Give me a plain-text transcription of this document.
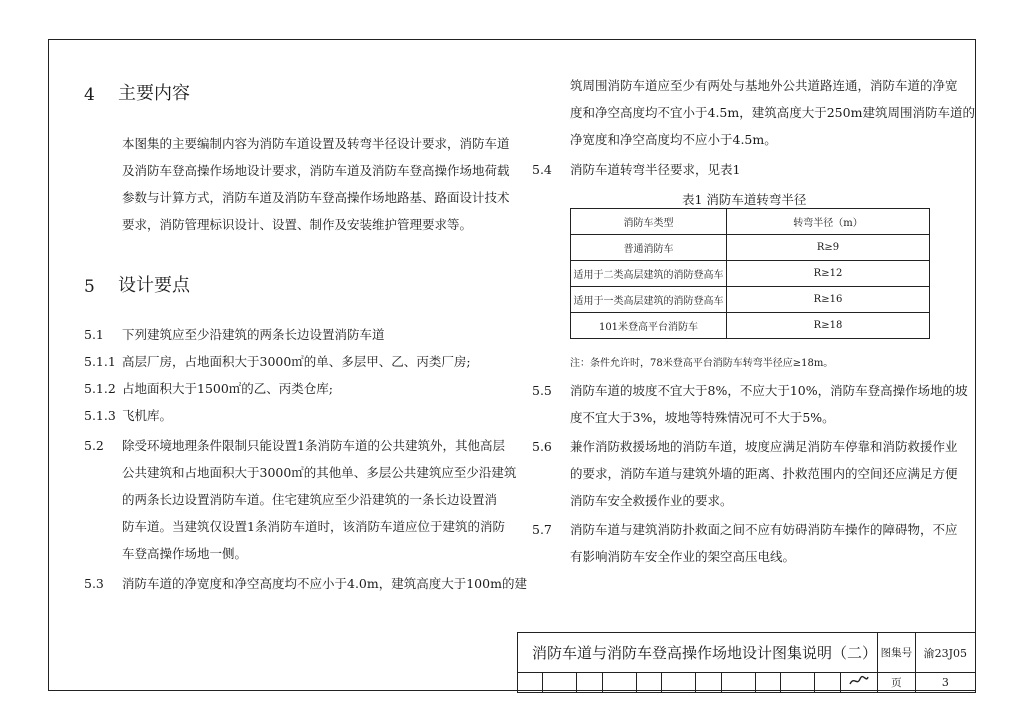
4 主要内容
本图集的主要编制内容为消防车道设置及转弯半径设计要求，消防车道
及消防车登高操作场地设计要求，消防车道及消防车登高操作场地荷载
参数与计算方式，消防车道及消防车登高操作场地路基、路面设计技术
要求，消防管理标识设计、设置、制作及安装维护管理要求等。
5 设计要点
5.1 下列建筑应至少沿建筑的两条长边设置消防车道
5.1.1 高层厂房，占地面积大于3000㎡的单、多层甲、乙、丙类厂房;
5.1.2 占地面积大于1500㎡的乙、丙类仓库;
5.1.3 飞机库。
5.2 除受环境地理条件限制只能设置1条消防车道的公共建筑外，其他高层
公共建筑和占地面积大于3000㎡的其他单、多层公共建筑应至少沿建筑
的两条长边设置消防车道。住宅建筑应至少沿建筑的一条长边设置消
防车道。当建筑仅设置1条消防车道时，该消防车道应位于建筑的消防
车登高操作场地一侧。
5.3 消防车道的净宽度和净空高度均不应小于4.0m，建筑高度大于100m的建
筑周围消防车道应至少有两处与基地外公共道路连通，消防车道的净宽
度和净空高度均不宜小于4.5m，建筑高度大于250m建筑周围消防车道的
净宽度和净空高度均不应小于4.5m。
5.4 消防车道转弯半径要求，见表1
表1 消防车道转弯半径
消防车类型	转弯半径（m）
普通消防车	R≥9
适用于二类高层建筑的消防登高车	R≥12
适用于一类高层建筑的消防登高车	R≥16
101米登高平台消防车	R≥18
注：条件允许时，78米登高平台消防车转弯半径应≥18m。
5.5 消防车道的坡度不宜大于8%，不应大于10%，消防车登高操作场地的坡
度不宜大于3%，坡地等特殊情况可不大于5%。
5.6 兼作消防救援场地的消防车道，坡度应满足消防车停靠和消防救援作业
的要求，消防车道与建筑外墙的距离、扑救范围内的空间还应满足方便
消防车安全救援作业的要求。
5.7 消防车道与建筑消防扑救面之间不应有妨碍消防车操作的障碍物，不应
有影响消防车安全作业的架空高压电线。
消防车道与消防车登高操作场地设计图集说明（二）												图集号	渝23J05
												页	3
